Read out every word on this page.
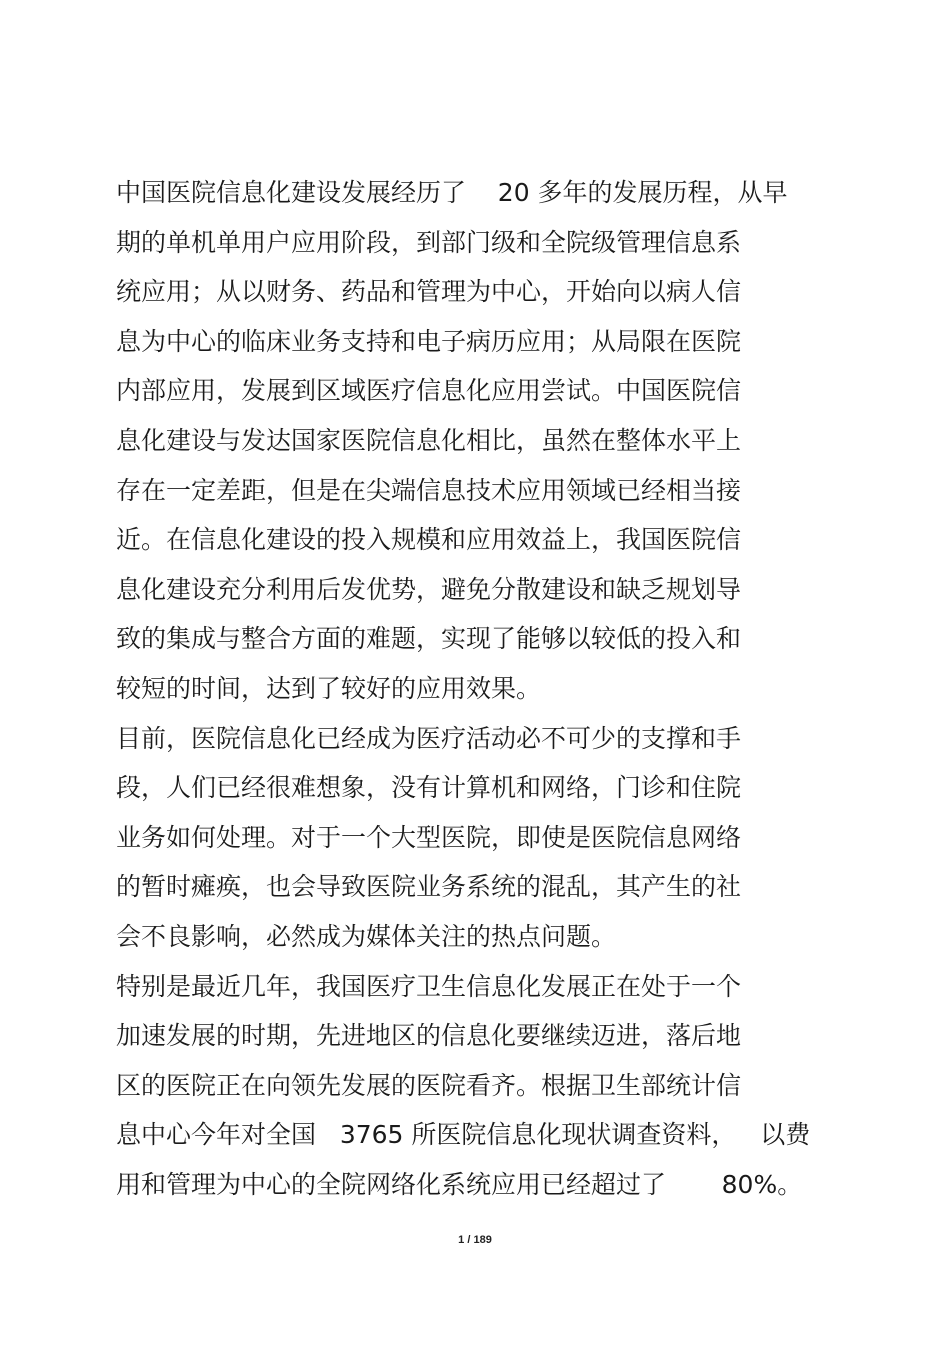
中国医院信息化建设发展经历了    20 多年的发展历程，从早
期的单机单用户应用阶段，到部门级和全院级管理信息系
统应用；从以财务、药品和管理为中心，开始向以病人信
息为中心的临床业务支持和电子病历应用；从局限在医院
内部应用，发展到区域医疗信息化应用尝试。中国医院信
息化建设与发达国家医院信息化相比，虽然在整体水平上
存在一定差距，但是在尖端信息技术应用领域已经相当接
近。在信息化建设的投入规模和应用效益上，我国医院信
息化建设充分利用后发优势，避免分散建设和缺乏规划导
致的集成与整合方面的难题，实现了能够以较低的投入和
较短的时间，达到了较好的应用效果。
目前，医院信息化已经成为医疗活动必不可少的支撑和手
段，人们已经很难想象，没有计算机和网络，门诊和住院
业务如何处理。对于一个大型医院，即使是医院信息网络
的暂时瘫痪，也会导致医院业务系统的混乱，其产生的社
会不良影响，必然成为媒体关注的热点问题。
特别是最近几年，我国医疗卫生信息化发展正在处于一个
加速发展的时期，先进地区的信息化要继续迈进，落后地
区的医院正在向领先发展的医院看齐。根据卫生部统计信
息中心今年对全国   3765 所医院信息化现状调查资料，   以费
用和管理为中心的全院网络化系统应用已经超过了       80%。
1 / 189
